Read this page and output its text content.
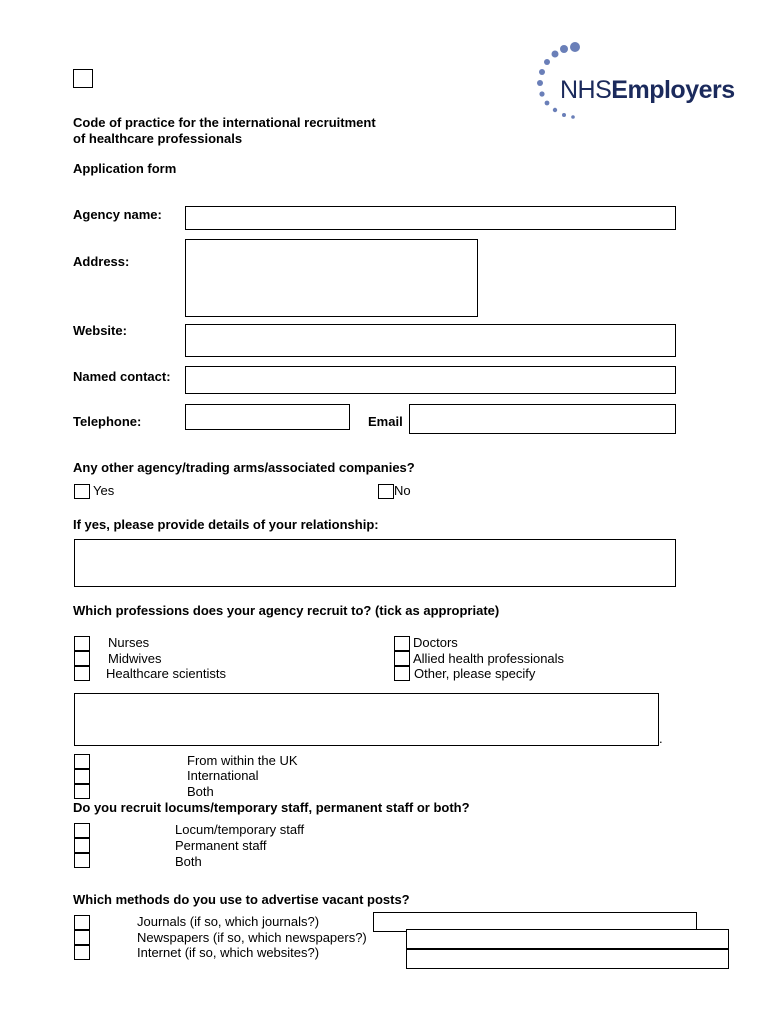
NHSEmployers
Code of practice for the international recruitment
of healthcare professionals
Application form
Agency name:
Address:
Website:
Named contact:
Telephone:	Email
Any other agency/trading arms/associated companies?
Yes	No
If yes, please provide details of your relationship:
Which professions does your agency recruit to? (tick as appropriate)
Nurses
Midwives
Healthcare scientists
Doctors
Allied health professionals
Other, please specify
.
From within the UK
International
Both
Do you recruit locums/temporary staff, permanent staff or both?
Locum/temporary staff
Permanent staff
Both
Which methods do you use to advertise vacant posts?
Journals (if so, which journals?)
Newspapers (if so, which newspapers?)
Internet (if so, which websites?)
